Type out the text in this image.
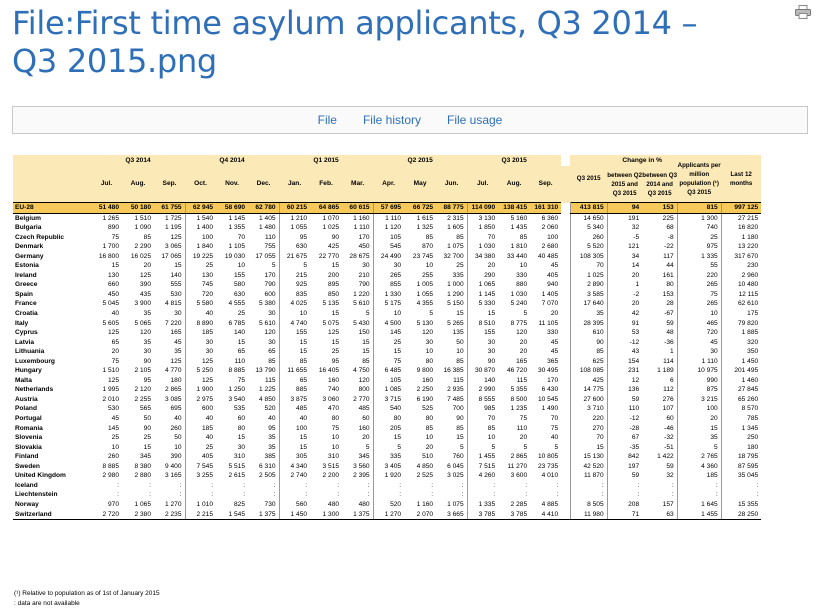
File:First time asylum applicants, Q3 2014 – Q3 2015.png
File File history File usage
	Q3 2014			Q4 2014			Q1 2015			Q2 2015			Q3 2015				Q3 2015	Change in %		Applicants per million population (¹) Q3 2015	Last 12 months
	Jul.	Aug.	Sep.	Oct.	Nov.	Dec.	Jan.	Feb.	Mar.	Apr.	May	Jun.	Jul.	Aug.	Sep.			between Q2 2015 and Q3 2015	between Q3 2014 and Q3 2015		
EU-28	51 480	50 180	61 755	62 945	58 690	62 780	60 215	64 865	60 615	57 695	66 725	88 775	114 090	138 415	161 310		413 815	94	153	815	997 125
Belgium	1 265	1 510	1 725	1 540	1 145	1 405	1 210	1 070	1 160	1 110	1 615	2 315	3 130	5 160	6 360		14 650	191	225	1 300	27 215
Bulgaria	890	1 090	1 195	1 400	1 355	1 480	1 055	1 025	1 110	1 120	1 325	1 605	1 850	1 435	2 060		5 340	32	68	740	16 820
Czech Republic	75	85	125	100	70	110	95	90	170	105	85	85	70	85	100		260	-5	-8	25	1 180
Denmark	1 700	2 290	3 065	1 840	1 105	755	630	425	450	545	870	1 075	1 030	1 810	2 680		5 520	121	-22	975	13 220
Germany	16 800	16 025	17 065	19 225	19 030	17 055	21 675	22 770	28 675	24 490	23 745	32 700	34 380	33 440	40 485		108 305	34	117	1 335	317 670
Estonia	15	20	15	25	10	5	5	15	30	30	10	25	20	10	45		70	14	44	55	230
Ireland	130	125	140	130	155	170	215	200	210	265	255	335	290	330	405		1 025	20	161	220	2 960
Greece	660	390	555	745	580	790	925	895	790	855	1 005	1 000	1 065	880	940		2 890	1	80	265	10 480
Spain	450	435	530	720	630	600	835	850	1 220	1 330	1 055	1 290	1 145	1 030	1 405		3 585	-2	153	75	12 115
France	5 045	3 900	4 815	5 580	4 555	5 380	4 025	5 135	5 610	5 175	4 355	5 150	5 330	5 240	7 070		17 640	20	28	265	62 610
Croatia	40	35	30	40	25	30	10	15	5	10	5	15	15	5	20		35	42	-67	10	175
Italy	5 605	5 065	7 220	8 890	6 785	5 610	4 740	5 075	5 430	4 500	5 130	5 265	8 510	8 775	11 105		28 395	91	59	465	79 820
Cyprus	125	120	165	185	140	120	155	125	150	145	120	135	155	120	330		610	53	48	720	1 885
Latvia	65	35	45	30	15	30	15	15	15	25	30	50	30	20	45		90	-12	-36	45	320
Lithuania	20	30	35	30	65	65	15	25	15	15	10	10	30	20	45		85	43	1	30	350
Luxembourg	75	90	125	125	110	85	85	95	85	75	80	85	90	165	365		625	154	114	1 110	1 450
Hungary	1 510	2 105	4 770	5 250	8 885	13 790	11 655	16 405	4 750	6 485	9 800	16 385	30 870	46 720	30 495		108 085	231	1 189	10 975	201 495
Malta	125	95	180	125	75	115	65	160	120	105	160	115	140	115	170		425	12	6	990	1 460
Netherlands	1 995	2 120	2 865	1 900	1 250	1 225	885	740	800	1 085	2 250	2 935	2 990	5 355	6 430		14 775	136	112	875	27 845
Austria	2 010	2 255	3 085	2 975	3 540	4 850	3 875	3 060	2 770	3 715	6 190	7 485	8 555	8 500	10 545		27 600	59	276	3 215	65 260
Poland	530	565	695	600	535	520	485	470	485	540	525	700	985	1 235	1 490		3 710	110	107	100	8 570
Portugal	45	50	40	40	60	40	40	80	60	80	80	90	70	75	70		220	-12	60	20	785
Romania	145	90	260	185	80	95	100	75	160	205	85	85	85	110	75		270	-28	-46	15	1 345
Slovenia	25	25	50	40	15	35	15	10	20	15	10	15	10	20	40		70	67	-32	35	250
Slovakia	10	15	10	25	30	35	15	10	5	5	20	5	5	5	5		15	-35	-51	5	180
Finland	260	345	390	405	310	385	305	310	345	335	510	760	1 455	2 865	10 805		15 130	842	1 422	2 765	18 795
Sweden	8 885	8 380	9 400	7 545	5 515	6 310	4 340	3 515	3 560	3 405	4 850	6 045	7 515	11 270	23 735		42 520	197	59	4 360	87 595
United Kingdom	2 980	2 880	3 165	3 255	2 615	2 505	2 740	2 200	2 395	1 920	2 525	3 025	4 260	3 600	4 010		11 870	59	32	185	35 045
Iceland	:	:	:	:	:	:	:	:	:	:	:	:	:	:	:		:	:	:	:	:
Liechtenstein	:	:	:	:	:	:	:	:	:	:	:	:	:	:	:		:	:	:	:	:
Norway	970	1 065	1 270	1 010	825	730	560	480	480	520	1 160	1 075	1 335	2 285	4 885		8 505	208	157	1 645	15 355
Switzerland	2 720	2 380	2 235	2 215	1 545	1 375	1 450	1 300	1 375	1 270	2 070	3 665	3 785	3 785	4 410		11 980	71	63	1 455	28 250
(¹) Relative to population as of 1st of January 2015
: data are not available
